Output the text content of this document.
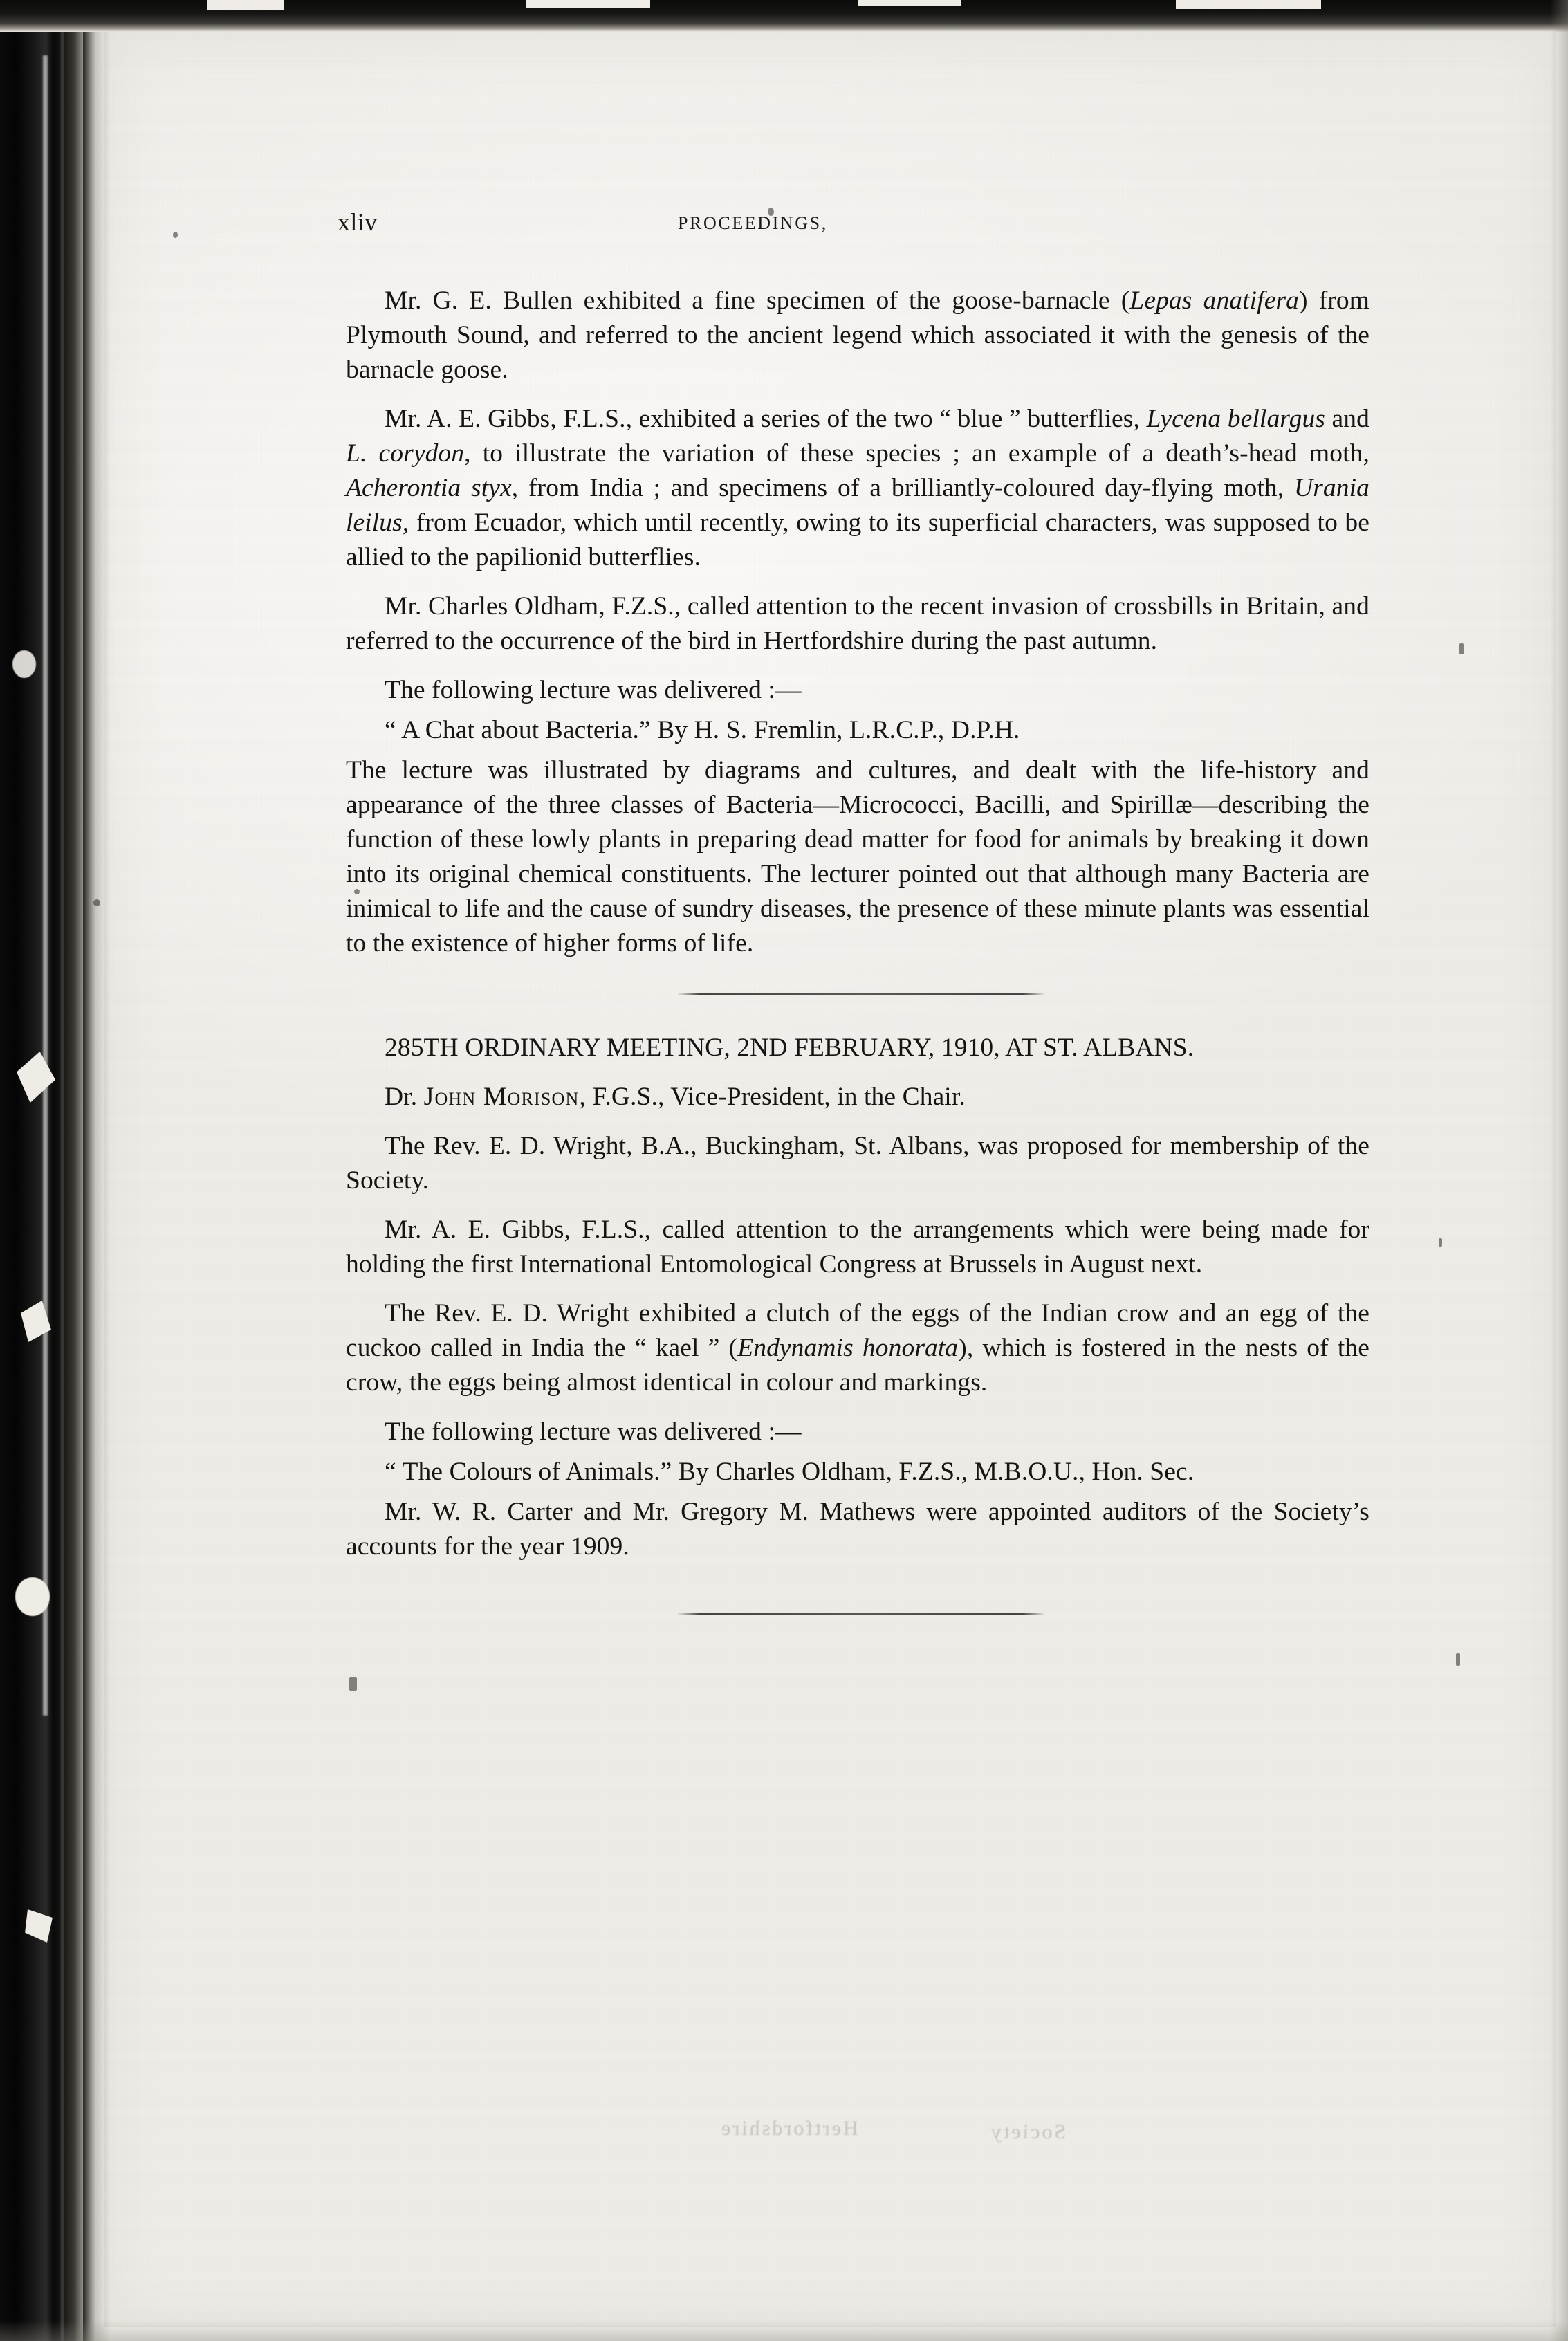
Hertfordshire	Society
xliv	PROCEEDINGS,

Mr. G. E. Bullen exhibited a fine specimen of the goose-barnacle (Lepas anatifera) from Plymouth Sound, and referred to the ancient legend which associated it with the genesis of the barnacle goose.

Mr. A. E. Gibbs, F.L.S., exhibited a series of the two “ blue ” butterflies, Lycena bellargus and L. corydon, to illustrate the variation of these species ; an example of a death’s-head moth, Acherontia styx, from India ; and specimens of a brilliantly-coloured day-flying moth, Urania leilus, from Ecuador, which until recently, owing to its superficial characters, was supposed to be allied to the papilionid butterflies.

Mr. Charles Oldham, F.Z.S., called attention to the recent invasion of crossbills in Britain, and referred to the occurrence of the bird in Hertfordshire during the past autumn.

The following lecture was delivered :—

“ A Chat about Bacteria.” By H. S. Fremlin, L.R.C.P., D.P.H.

The lecture was illustrated by diagrams and cultures, and dealt with the life-history and appearance of the three classes of Bacteria—Micrococci, Bacilli, and Spirillæ—describing the function of these lowly plants in preparing dead matter for food for animals by breaking it down into its original chemical constituents. The lecturer pointed out that although many Bacteria are inimical to life and the cause of sundry diseases, the presence of these minute plants was essential to the existence of higher forms of life.

285TH ORDINARY MEETING, 2ND FEBRUARY, 1910, AT ST. ALBANS.

Dr. John Morison, F.G.S., Vice-President, in the Chair.

The Rev. E. D. Wright, B.A., Buckingham, St. Albans, was proposed for membership of the Society.

Mr. A. E. Gibbs, F.L.S., called attention to the arrangements which were being made for holding the first International Entomological Congress at Brussels in August next.

The Rev. E. D. Wright exhibited a clutch of the eggs of the Indian crow and an egg of the cuckoo called in India the “ kael ” (Endynamis honorata), which is fostered in the nests of the crow, the eggs being almost identical in colour and markings.

The following lecture was delivered :—

“ The Colours of Animals.” By Charles Oldham, F.Z.S., M.B.O.U., Hon. Sec.

Mr. W. R. Carter and Mr. Gregory M. Mathews were appointed auditors of the Society’s accounts for the year 1909.
